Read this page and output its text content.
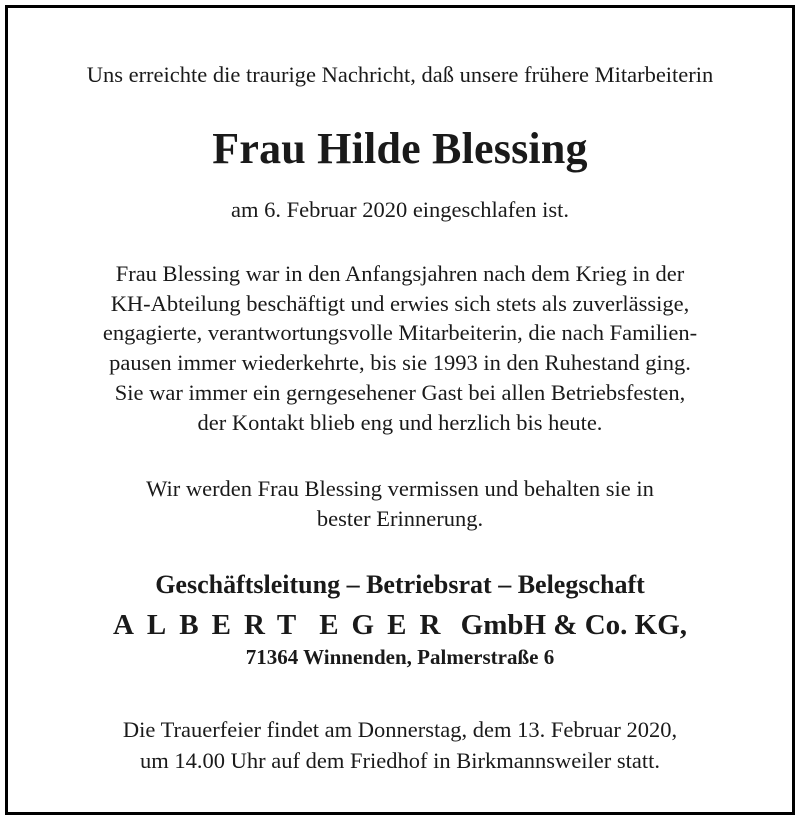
Uns erreichte die traurige Nachricht, daß unsere frühere Mitarbeiterin
Frau Hilde Blessing
am 6. Februar 2020 eingeschlafen ist.
Frau Blessing war in den Anfangsjahren nach dem Krieg in der
KH-Abteilung beschäftigt und erwies sich stets als zuverlässige,
engagierte, verantwortungsvolle Mitarbeiterin, die nach Familien-
pausen immer wiederkehrte, bis sie 1993 in den Ruhestand ging.
Sie war immer ein gerngesehener Gast bei allen Betriebsfesten,
der Kontakt blieb eng und herzlich bis heute.
Wir werden Frau Blessing vermissen und behalten sie in
bester Erinnerung.
Geschäftsleitung – Betriebsrat – Belegschaft
ALBERT EGER GmbH & Co. KG,
71364 Winnenden, Palmerstraße 6
Die Trauerfeier findet am Donnerstag, dem 13. Februar 2020,
um 14.00 Uhr auf dem Friedhof in Birkmannsweiler statt.
